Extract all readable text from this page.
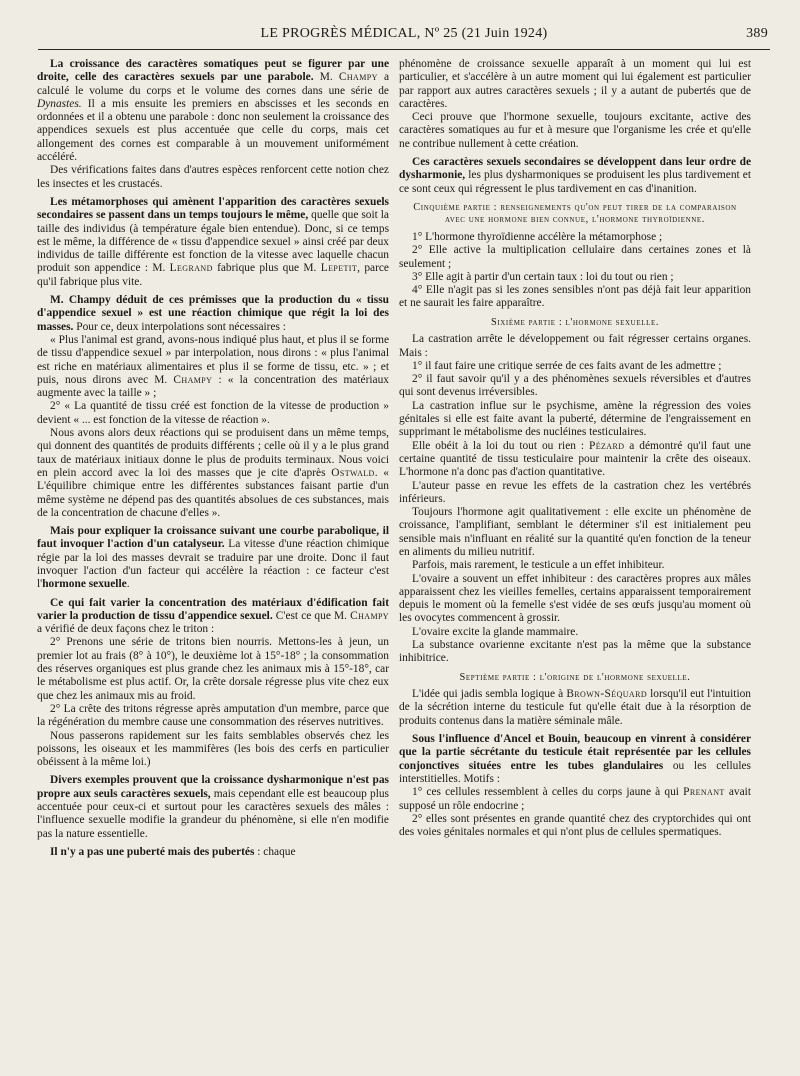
LE PROGRÈS MÉDICAL, Nº 25 (21 Juin 1924)	389

La croissance des caractères somatiques peut se figurer par une droite, celle des caractères sexuels par une parabole. M. Champy a calculé le volume du corps et le volume des cornes dans une série de Dynastes. Il a mis ensuite les premiers en abscisses et les seconds en ordonnées et il a obtenu une parabole : donc non seulement la croissance des appendices sexuels est plus accentuée que celle du corps, mais cet allongement des cornes est comparable à un mouvement uniformément accéléré.

Des vérifications faites dans d'autres espèces renforcent cette notion chez les insectes et les crustacés.

Les métamorphoses qui amènent l'apparition des caractères sexuels secondaires se passent dans un temps toujours le même, quelle que soit la taille des individus (à température égale bien entendue). Donc, si ce temps est le même, la différence de « tissu d'appendice sexuel » ainsi créé par deux individus de taille différente est fonction de la vitesse avec laquelle chacun produit son appendice : M. Legrand fabrique plus que M. Lepetit, parce qu'il fabrique plus vite.

M. Champy déduit de ces prémisses que la production du « tissu d'appendice sexuel » est une réaction chimique que régit la loi des masses. Pour ce, deux interpolations sont nécessaires :

« Plus l'animal est grand, avons-nous indiqué plus haut, et plus il se forme de tissu d'appendice sexuel » par interpolation, nous dirons : « plus l'animal est riche en matériaux alimentaires et plus il se forme de tissu, etc. » ; et puis, nous dirons avec M. Champy : « la concentration des matériaux augmente avec la taille » ;

2° « La quantité de tissu créé est fonction de la vitesse de production » devient « ... est fonction de la vitesse de réaction ».

Nous avons alors deux réactions qui se produisent dans un même temps, qui donnent des quantités de produits différents ; celle où il y a le plus grand taux de matériaux initiaux donne le plus de produits terminaux. Nous voici en plein accord avec la loi des masses que je cite d'après Ostwald. « L'équilibre chimique entre les différentes substances faisant partie d'un même système ne dépend pas des quantités absolues de ces substances, mais de la concentration de chacune d'elles ».

Mais pour expliquer la croissance suivant une courbe parabolique, il faut invoquer l'action d'un catalyseur. La vitesse d'une réaction chimique régie par la loi des masses devrait se traduire par une droite. Donc il faut invoquer l'action d'un facteur qui accélère la réaction : ce facteur c'est l'hormone sexuelle.

Ce qui fait varier la concentration des matériaux d'édification fait varier la production de tissu d'appendice sexuel. C'est ce que M. Champy a vérifié de deux façons chez le triton :

2° Prenons une série de tritons bien nourris. Mettons-les à jeun, un premier lot au frais (8° à 10°), le deuxième lot à 15°-18° ; la consommation des réserves organiques est plus grande chez les animaux mis à 15°-18°, car le métabolisme est plus actif. Or, la crête dorsale régresse plus vite chez eux que chez les animaux mis au froid.

2° La crête des tritons régresse après amputation d'un membre, parce que la régénération du membre cause une consommation des réserves nutritives.

Nous passerons rapidement sur les faits semblables observés chez les poissons, les oiseaux et les mammifères (les bois des cerfs en particulier obéissent à la même loi.)

Divers exemples prouvent que la croissance dysharmonique n'est pas propre aux seuls caractères sexuels, mais cependant elle est beaucoup plus accentuée pour ceux-ci et surtout pour les caractères sexuels des mâles : l'influence sexuelle modifie la grandeur du phénomène, si elle n'en modifie pas la nature essentielle.

Il n'y a pas une puberté mais des pubertés : chaque

phénomène de croissance sexuelle apparaît à un moment qui lui est particulier, et s'accélère à un autre moment qui lui également est particulier par rapport aux autres caractères sexuels ; il y a autant de pubertés que de caractères.

Ceci prouve que l'hormone sexuelle, toujours excitante, active des caractères somatiques au fur et à mesure que l'organisme les crée et qu'elle ne contribue nullement à cette création.

Ces caractères sexuels secondaires se développent dans leur ordre de dysharmonie, les plus dysharmoniques se produisent les plus tardivement et ce sont ceux qui régressent le plus tardivement en cas d'inanition.

Cinquième partie : renseignements qu'on peut tirer de la comparaison avec une hormone bien connue, l'hormone thyroïdienne.

1° L'hormone thyroïdienne accélère la métamorphose ;

2° Elle active la multiplication cellulaire dans certaines zones et là seulement ;

3° Elle agit à partir d'un certain taux : loi du tout ou rien ;

4° Elle n'agit pas si les zones sensibles n'ont pas déjà fait leur apparition et ne saurait les faire apparaître.

Sixième partie : l'hormone sexuelle.

La castration arrête le développement ou fait régresser certains organes. Mais :

1° il faut faire une critique serrée de ces faits avant de les admettre ;

2° il faut savoir qu'il y a des phénomènes sexuels réversibles et d'autres qui sont devenus irréversibles.

La castration influe sur le psychisme, amène la régression des voies génitales si elle est faite avant la puberté, détermine de l'engraissement en supprimant le métabolisme des nucléines testiculaires.

Elle obéit à la loi du tout ou rien : Pézard a démontré qu'il faut une certaine quantité de tissu testiculaire pour maintenir la crête des oiseaux. L'hormone n'a donc pas d'action quantitative.

L'auteur passe en revue les effets de la castration chez les vertébrés inférieurs.

Toujours l'hormone agit qualitativement : elle excite un phénomène de croissance, l'amplifiant, semblant le déterminer s'il est initialement peu sensible mais n'influant en réalité sur la quantité qu'en fonction de la teneur en aliments du milieu nutritif.

Parfois, mais rarement, le testicule a un effet inhibiteur.

L'ovaire a souvent un effet inhibiteur : des caractères propres aux mâles apparaissent chez les vieilles femelles, certains apparaissent temporairement depuis le moment où la femelle s'est vidée de ses œufs jusqu'au moment où les ovocytes commencent à grossir.

L'ovaire excite la glande mammaire.

La substance ovarienne excitante n'est pas la même que la substance inhibitrice.

Septième partie : l'origine de l'hormone sexuelle.

L'idée qui jadis sembla logique à Brown-Séquard lorsqu'il eut l'intuition de la sécrétion interne du testicule fut qu'elle était due à la résorption de produits contenus dans la matière séminale mâle.

Sous l'influence d'Ancel et Bouin, beaucoup en vinrent à considérer que la partie sécrétante du testicule était représentée par les cellules conjonctives situées entre les tubes glandulaires ou les cellules interstitielles. Motifs :

1° ces cellules ressemblent à celles du corps jaune à qui Prenant avait supposé un rôle endocrine ;

2° elles sont présentes en grande quantité chez des cryptorchides qui ont des voies génitales normales et qui n'ont plus de cellules spermatiques.
